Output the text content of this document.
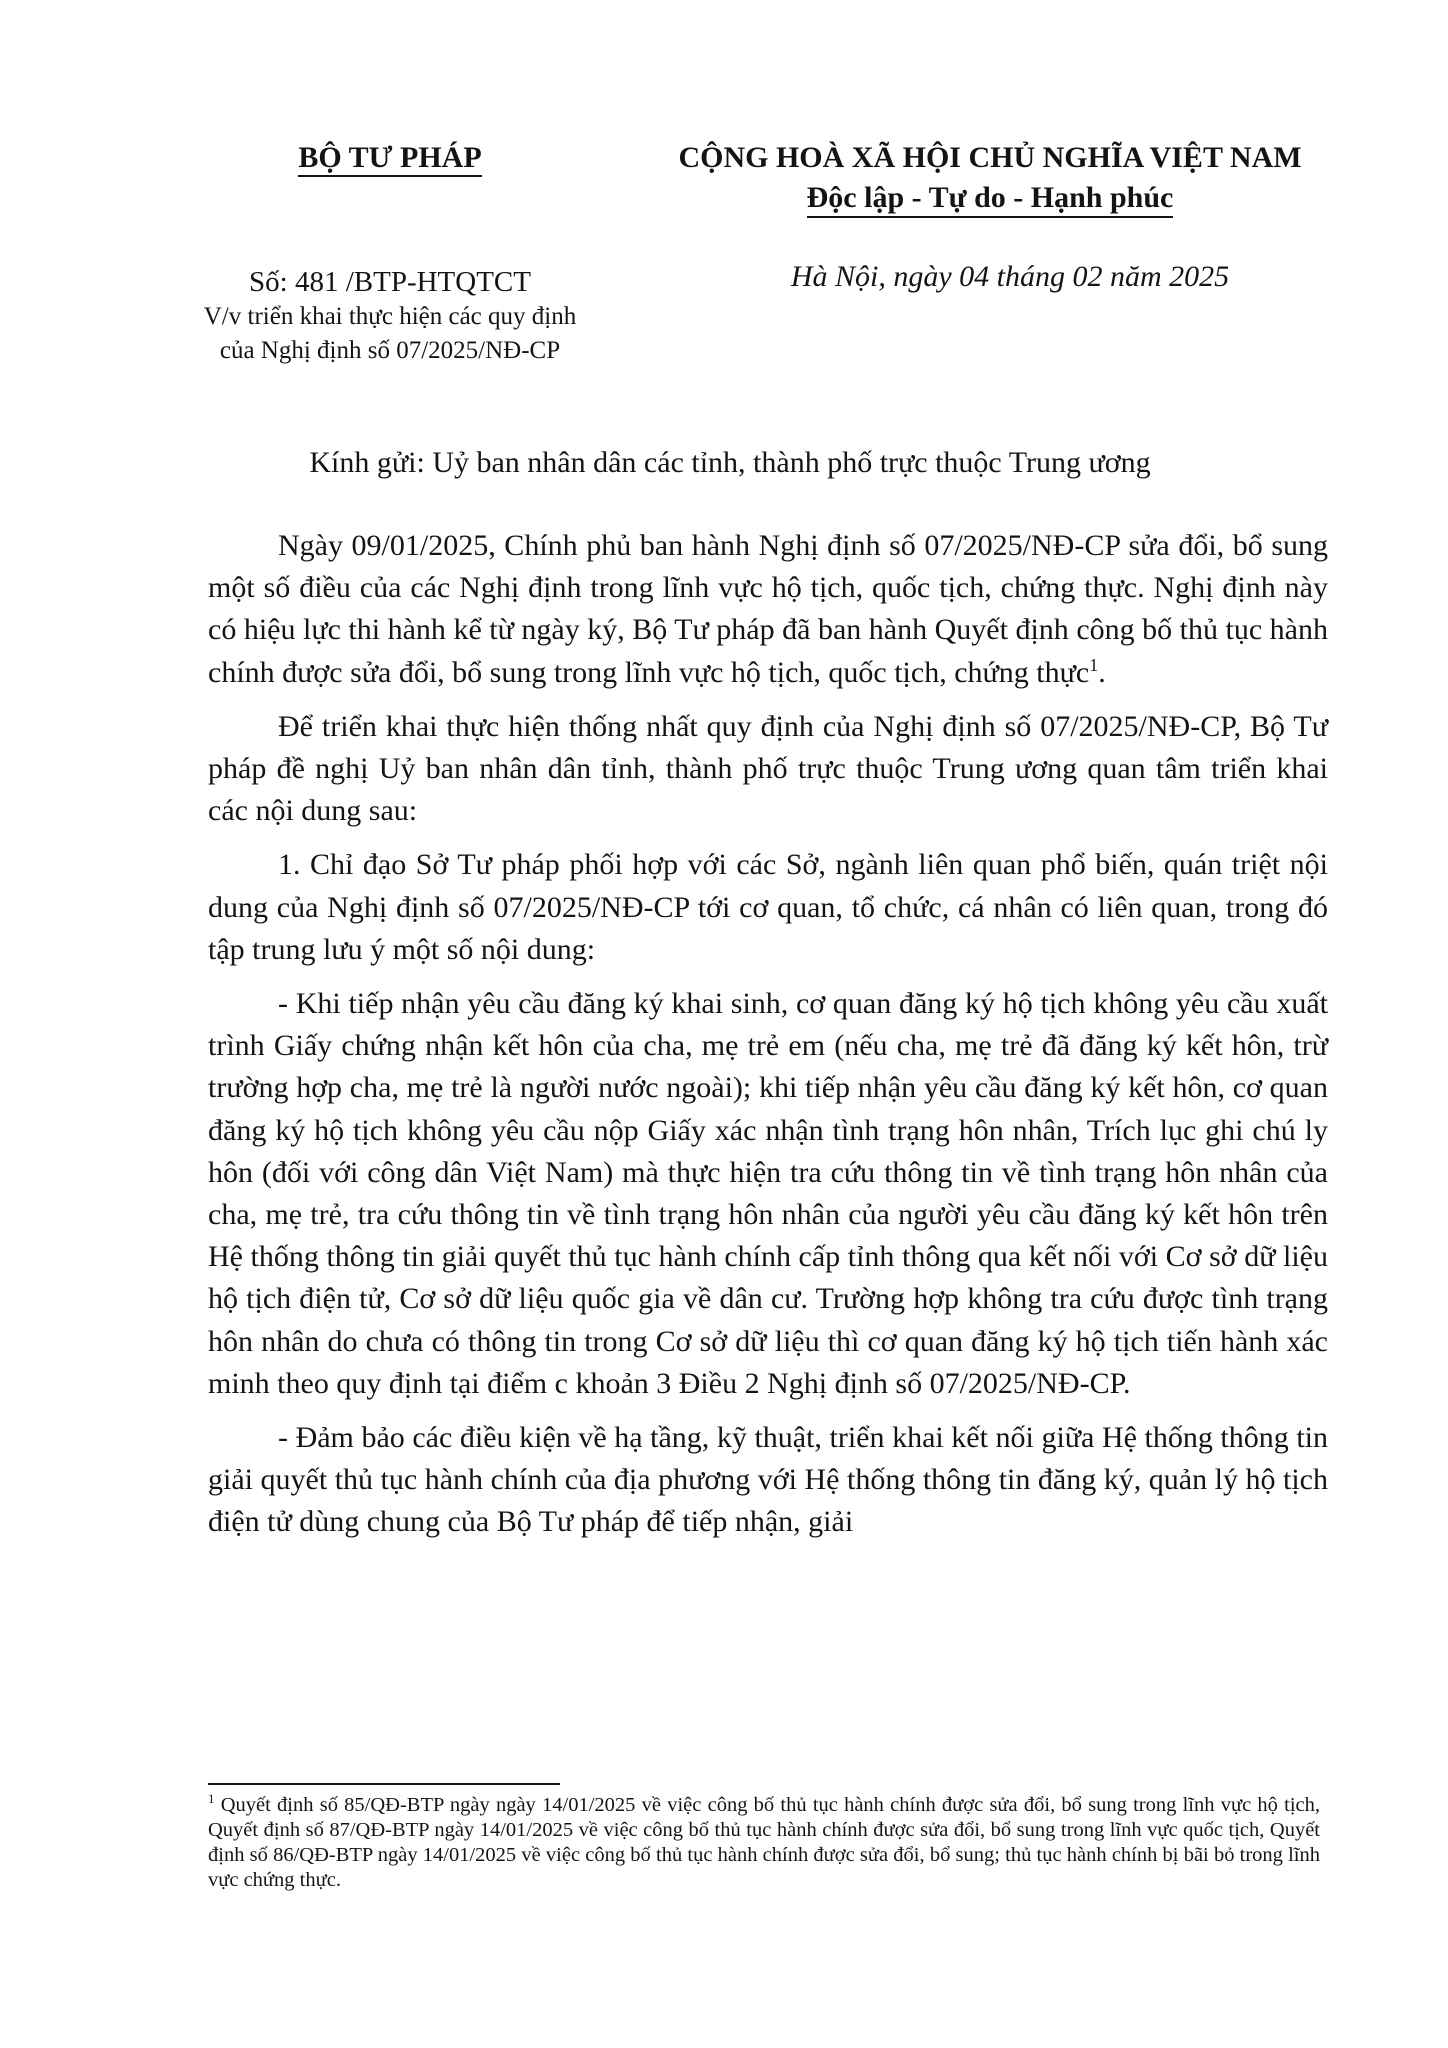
BỘ TƯ PHÁP	CỘNG HOÀ XÃ HỘI CHỦ NGHĨA VIỆT NAM
Độc lập - Tự do - Hạnh phúc
Số: 481 /BTP-HTQTCT
V/v triển khai thực hiện các quy định
của Nghị định số 07/2025/NĐ-CP
Hà Nội, ngày 04 tháng 02 năm 2025
Kính gửi: Uỷ ban nhân dân các tỉnh, thành phố trực thuộc Trung ương

Ngày 09/01/2025, Chính phủ ban hành Nghị định số 07/2025/NĐ-CP sửa đổi, bổ sung một số điều của các Nghị định trong lĩnh vực hộ tịch, quốc tịch, chứng thực. Nghị định này có hiệu lực thi hành kể từ ngày ký, Bộ Tư pháp đã ban hành Quyết định công bố thủ tục hành chính được sửa đổi, bổ sung trong lĩnh vực hộ tịch, quốc tịch, chứng thực$^1$.

Để triển khai thực hiện thống nhất quy định của Nghị định số 07/2025/NĐ-CP, Bộ Tư pháp đề nghị Uỷ ban nhân dân tỉnh, thành phố trực thuộc Trung ương quan tâm triển khai các nội dung sau:

1. Chỉ đạo Sở Tư pháp phối hợp với các Sở, ngành liên quan phổ biến, quán triệt nội dung của Nghị định số 07/2025/NĐ-CP tới cơ quan, tổ chức, cá nhân có liên quan, trong đó tập trung lưu ý một số nội dung:

- Khi tiếp nhận yêu cầu đăng ký khai sinh, cơ quan đăng ký hộ tịch không yêu cầu xuất trình Giấy chứng nhận kết hôn của cha, mẹ trẻ em (nếu cha, mẹ trẻ đã đăng ký kết hôn, trừ trường hợp cha, mẹ trẻ là người nước ngoài); khi tiếp nhận yêu cầu đăng ký kết hôn, cơ quan đăng ký hộ tịch không yêu cầu nộp Giấy xác nhận tình trạng hôn nhân, Trích lục ghi chú ly hôn (đối với công dân Việt Nam) mà thực hiện tra cứu thông tin về tình trạng hôn nhân của cha, mẹ trẻ, tra cứu thông tin về tình trạng hôn nhân của người yêu cầu đăng ký kết hôn trên Hệ thống thông tin giải quyết thủ tục hành chính cấp tỉnh thông qua kết nối với Cơ sở dữ liệu hộ tịch điện tử, Cơ sở dữ liệu quốc gia về dân cư. Trường hợp không tra cứu được tình trạng hôn nhân do chưa có thông tin trong Cơ sở dữ liệu thì cơ quan đăng ký hộ tịch tiến hành xác minh theo quy định tại điểm c khoản 3 Điều 2 Nghị định số 07/2025/NĐ-CP.

- Đảm bảo các điều kiện về hạ tầng, kỹ thuật, triển khai kết nối giữa Hệ thống thông tin giải quyết thủ tục hành chính của địa phương với Hệ thống thông tin đăng ký, quản lý hộ tịch điện tử dùng chung của Bộ Tư pháp để tiếp nhận, giải

$^1$ Quyết định số 85/QĐ-BTP ngày ngày 14/01/2025 về việc công bố thủ tục hành chính được sửa đổi, bổ sung trong lĩnh vực hộ tịch, Quyết định số 87/QĐ-BTP ngày 14/01/2025 về việc công bố thủ tục hành chính được sửa đổi, bổ sung trong lĩnh vực quốc tịch, Quyết định số 86/QĐ-BTP ngày 14/01/2025 về việc công bố thủ tục hành chính được sửa đổi, bổ sung; thủ tục hành chính bị bãi bỏ trong lĩnh vực chứng thực.
